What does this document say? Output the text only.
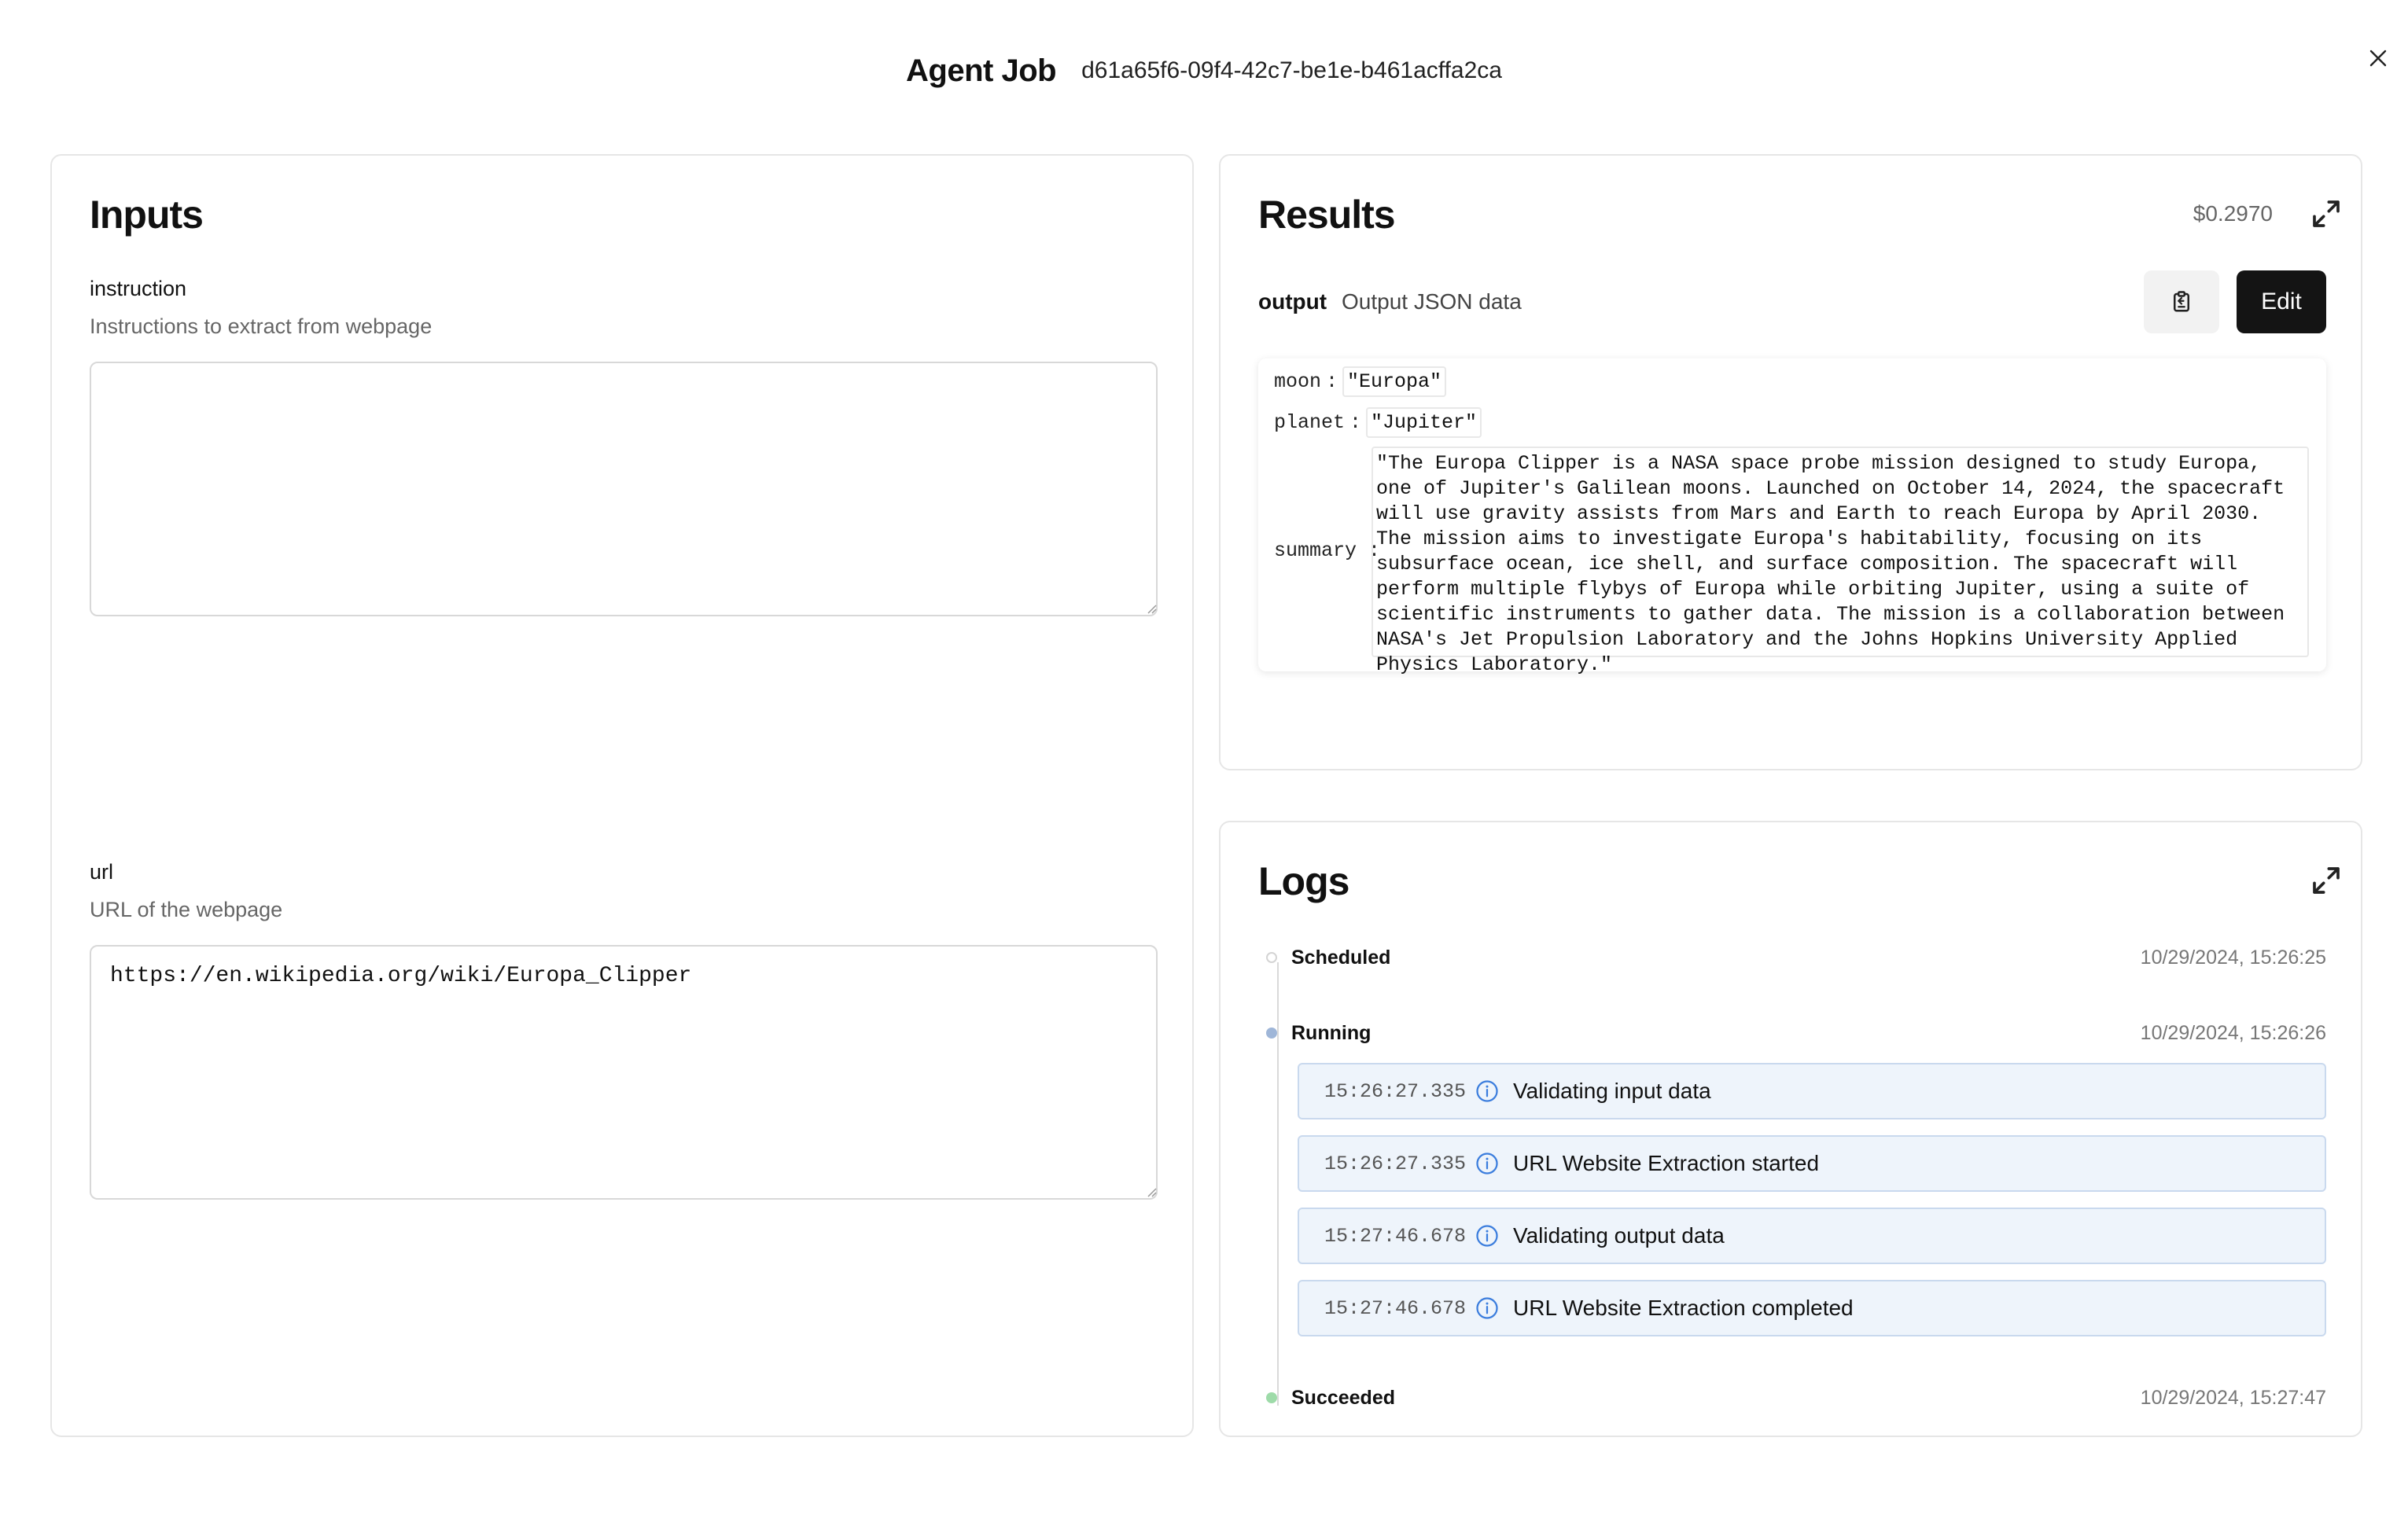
Agent Job d61a65f6-09f4-42c7-be1e-b461acffa2ca
Inputs
instruction
Instructions to extract from webpage
url
URL of the webpage
https://en.wikipedia.org/wiki/Europa_Clipper
Results	$0.2970
output Output JSON data	Edit
moon : "Europa"
planet : "Jupiter"
summary :
"The Europa Clipper is a NASA space probe mission designed to study Europa, one of Jupiter's Galilean moons. Launched on October 14, 2024, the spacecraft will use gravity assists from Mars and Earth to reach Europa by April 2030. The mission aims to investigate Europa's habitability, focusing on its subsurface ocean, ice shell, and surface composition. The spacecraft will perform multiple flybys of Europa while orbiting Jupiter, using a suite of scientific instruments to gather data. The mission is a collaboration between NASA's Jet Propulsion Laboratory and the Johns Hopkins University Applied Physics Laboratory."
Logs
Scheduled	10/29/2024, 15:26:25
Running	10/29/2024, 15:26:26
15:26:27.335 Validating input data
15:26:27.335 URL Website Extraction started
15:27:46.678 Validating output data
15:27:46.678 URL Website Extraction completed
Succeeded	10/29/2024, 15:27:47
